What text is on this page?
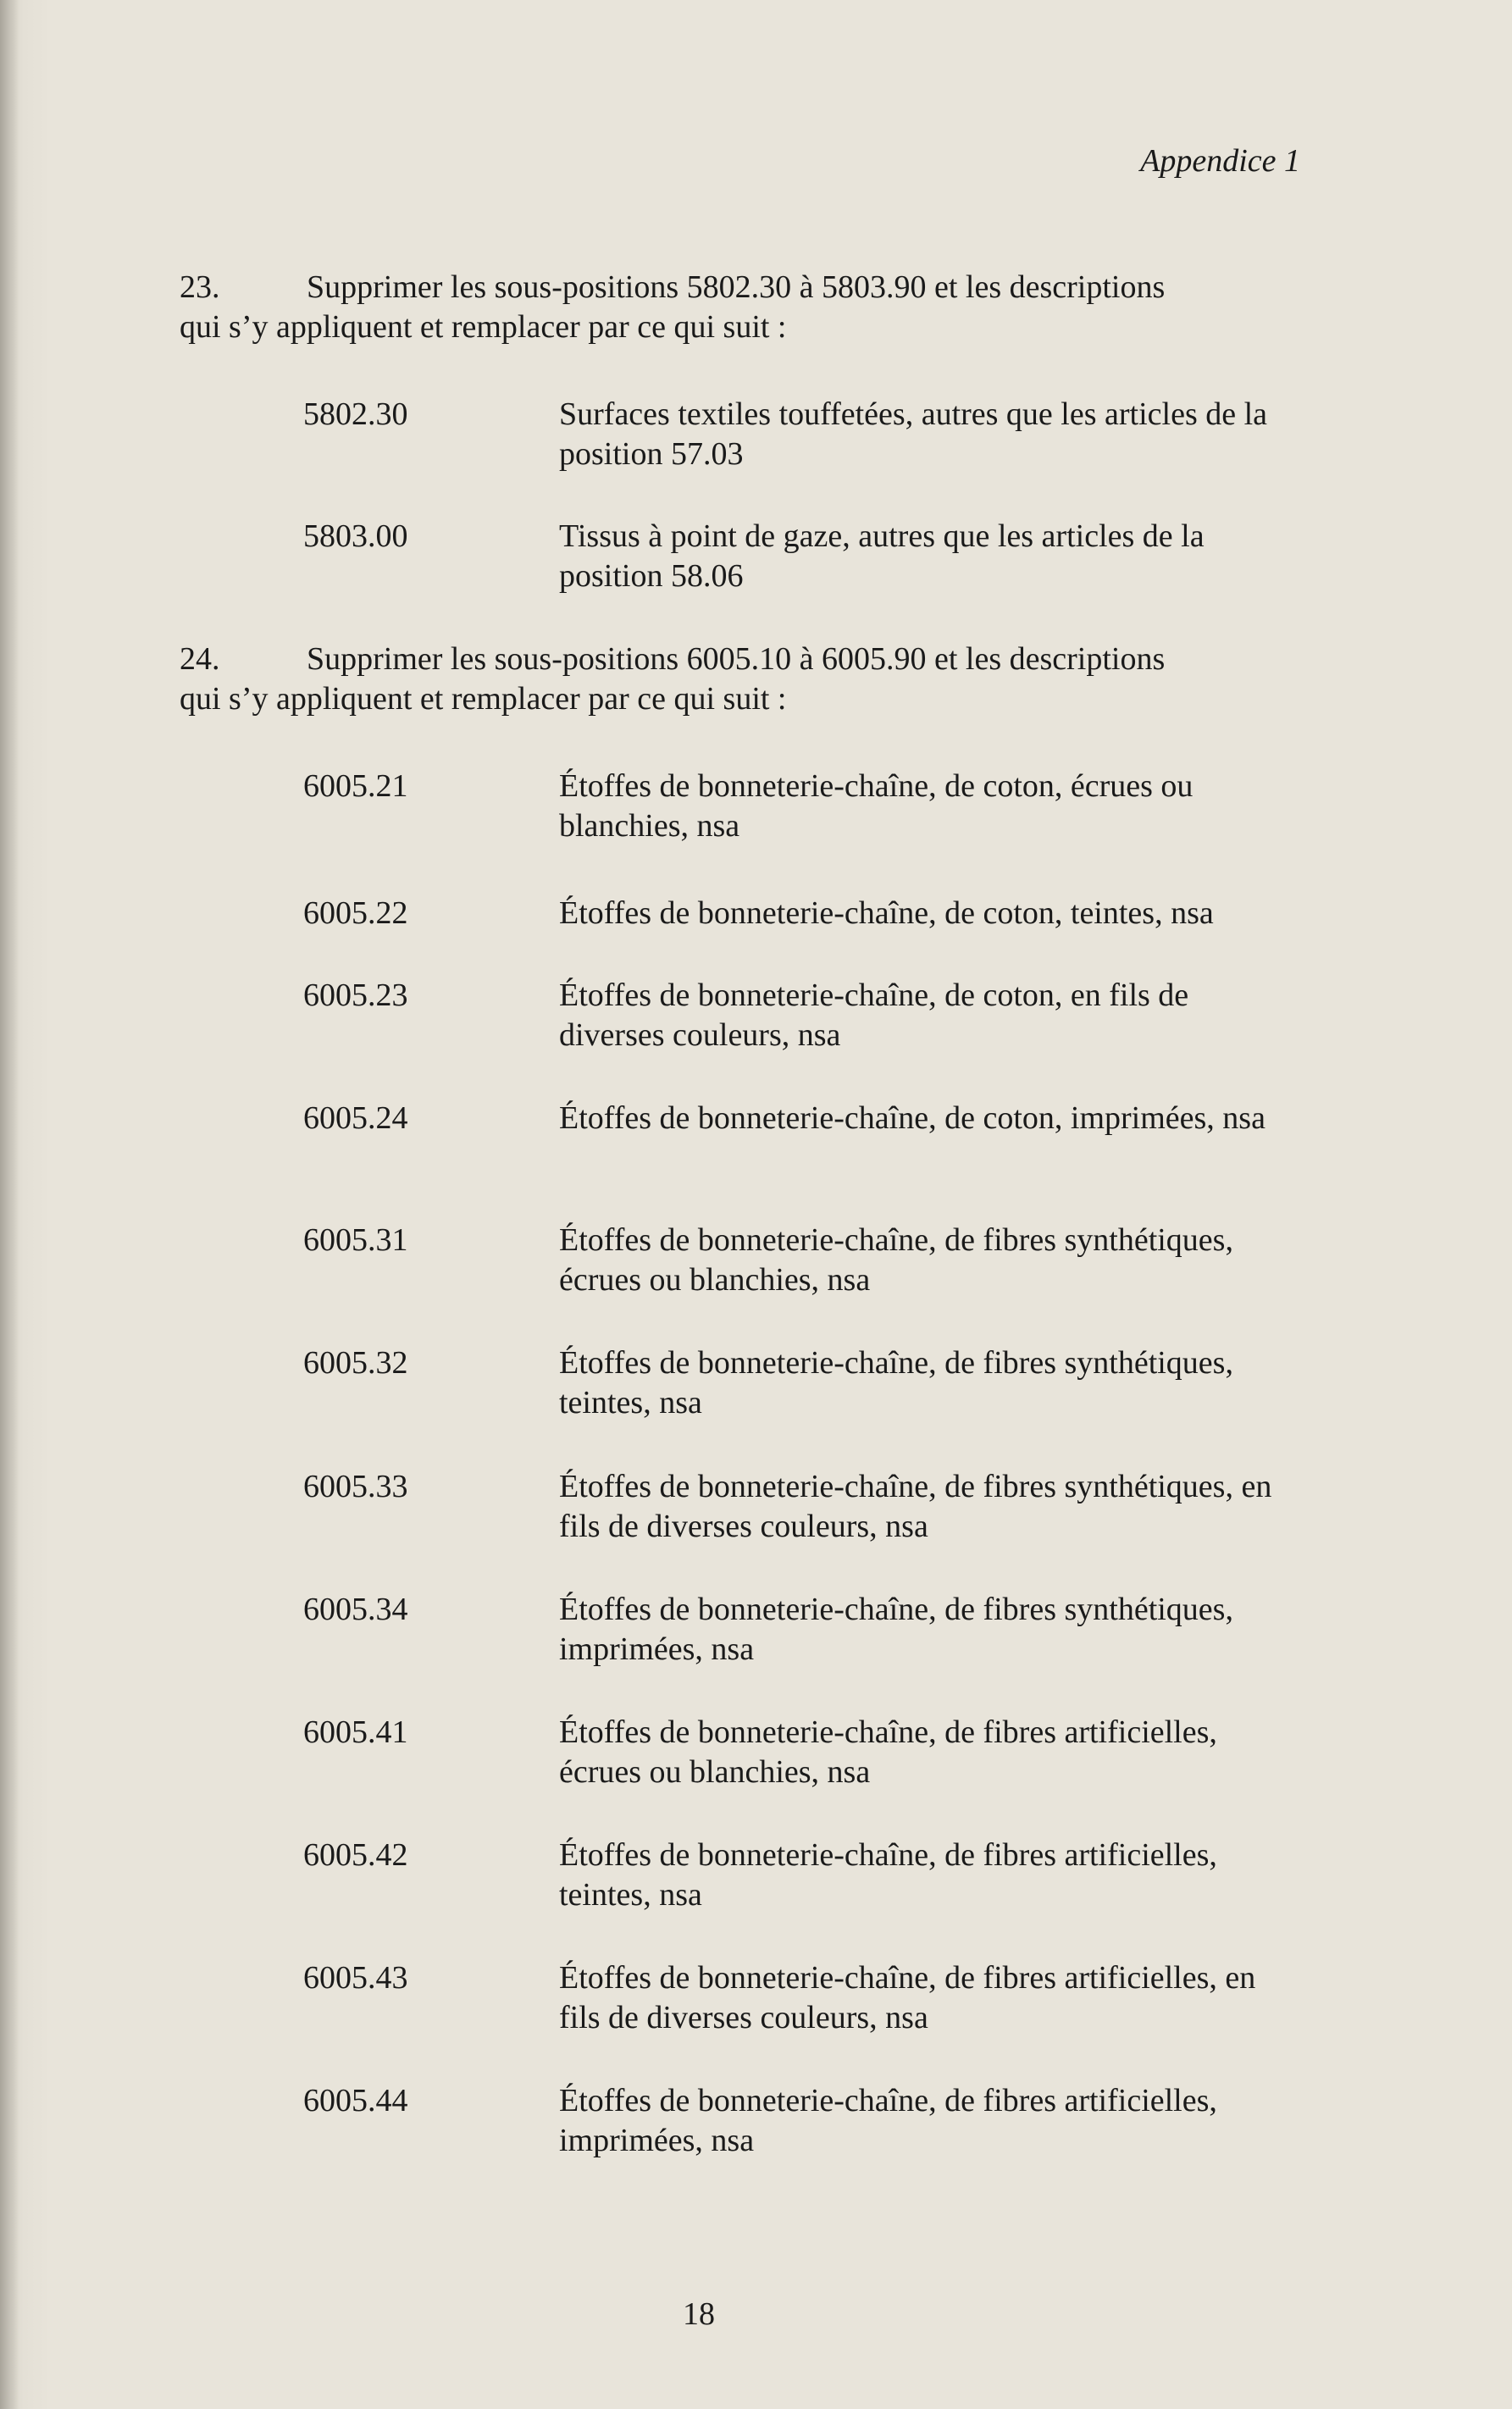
Appendice 1
23.	Supprimer les sous-positions 5802.30 à 5803.90 et les descriptions
qui s’y appliquent et remplacer par ce qui suit :
5802.30	Surfaces textiles touffetées, autres que les articles de la position 57.03
5803.00	Tissus à point de gaze, autres que les articles de la position 58.06
24.	Supprimer les sous-positions 6005.10 à 6005.90 et les descriptions
qui s’y appliquent et remplacer par ce qui suit :
6005.21	Étoffes de bonneterie-chaîne, de coton, écrues ou blanchies, nsa
6005.22	Étoffes de bonneterie-chaîne, de coton, teintes, nsa
6005.23	Étoffes de bonneterie-chaîne, de coton, en fils de diverses couleurs, nsa
6005.24	Étoffes de bonneterie-chaîne, de coton, imprimées, nsa
6005.31	Étoffes de bonneterie-chaîne, de fibres synthétiques, écrues ou blanchies, nsa
6005.32	Étoffes de bonneterie-chaîne, de fibres synthétiques, teintes, nsa
6005.33	Étoffes de bonneterie-chaîne, de fibres synthétiques, en fils de diverses couleurs, nsa
6005.34	Étoffes de bonneterie-chaîne, de fibres synthétiques, imprimées, nsa
6005.41	Étoffes de bonneterie-chaîne, de fibres artificielles, écrues ou blanchies, nsa
6005.42	Étoffes de bonneterie-chaîne, de fibres artificielles, teintes, nsa
6005.43	Étoffes de bonneterie-chaîne, de fibres artificielles, en fils de diverses couleurs, nsa
6005.44	Étoffes de bonneterie-chaîne, de fibres artificielles, imprimées, nsa
18
